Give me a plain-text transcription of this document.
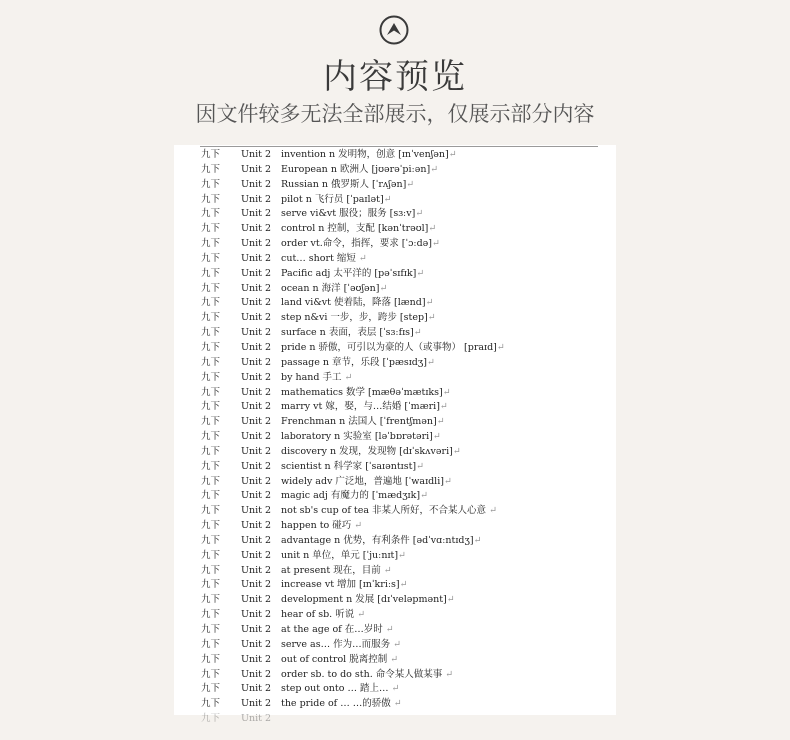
内容预览
因文件较多无法全部展示，仅展示部分内容
九下 Unit 2 invention n 发明物，创意 [ɪnˈvenʃən]↵
九下 Unit 2 European n 欧洲人 [jʊərəˈpiːən]↵
九下 Unit 2 Russian n 俄罗斯人 [ˈrʌʃən]↵
九下 Unit 2 pilot n 飞行员 [ˈpaɪlət]↵
九下 Unit 2 serve vi&vt 服役；服务 [sɜːv]↵
九下 Unit 2 control n 控制，支配 [kənˈtrəʊl]↵
九下 Unit 2 order vt.命令，指挥，要求 [ˈɔːdə]↵
九下 Unit 2 cut… short 缩短 ↵
九下 Unit 2 Pacific adj 太平洋的 [pəˈsɪfɪk]↵
九下 Unit 2 ocean n 海洋 [ˈəʊʃən]↵
九下 Unit 2 land vi&vt 使着陆，降落 [lænd]↵
九下 Unit 2 step n&vi 一步，步，跨步 [step]↵
九下 Unit 2 surface n 表面，表层 [ˈsɜːfɪs]↵
九下 Unit 2 pride n 骄傲，可引以为豪的人（或事物） [praɪd]↵
九下 Unit 2 passage n 章节，乐段 [ˈpæsɪdʒ]↵
九下 Unit 2 by hand 手工 ↵
九下 Unit 2 mathematics 数学 [mæθəˈmætɪks]↵
九下 Unit 2 marry vt 嫁，娶，与…结婚 [ˈmæri]↵
九下 Unit 2 Frenchman n 法国人 [ˈfrentʃmən]↵
九下 Unit 2 laboratory n 实验室 [ləˈbɒrətəri]↵
九下 Unit 2 discovery n 发现，发现物 [dɪˈskʌvəri]↵
九下 Unit 2 scientist n 科学家 [ˈsaɪəntɪst]↵
九下 Unit 2 widely adv 广泛地，普遍地 [ˈwaɪdli]↵
九下 Unit 2 magic adj 有魔力的 [ˈmædʒɪk]↵
九下 Unit 2 not sb's cup of tea 非某人所好，不合某人心意 ↵
九下 Unit 2 happen to 碰巧 ↵
九下 Unit 2 advantage n 优势，有利条件 [ədˈvɑːntɪdʒ]↵
九下 Unit 2 unit n 单位，单元 [ˈjuːnɪt]↵
九下 Unit 2 at present 现在，目前 ↵
九下 Unit 2 increase vt 增加 [ɪnˈkriːs]↵
九下 Unit 2 development n 发展 [dɪˈveləpmənt]↵
九下 Unit 2 hear of sb. 听说 ↵
九下 Unit 2 at the age of 在…岁时 ↵
九下 Unit 2 serve as… 作为…而服务 ↵
九下 Unit 2 out of control 脱离控制 ↵
九下 Unit 2 order sb. to do sth. 命令某人做某事 ↵
九下 Unit 2 step out onto … 踏上… ↵
九下 Unit 2 the pride of … …的骄傲 ↵
九下 Unit 2
